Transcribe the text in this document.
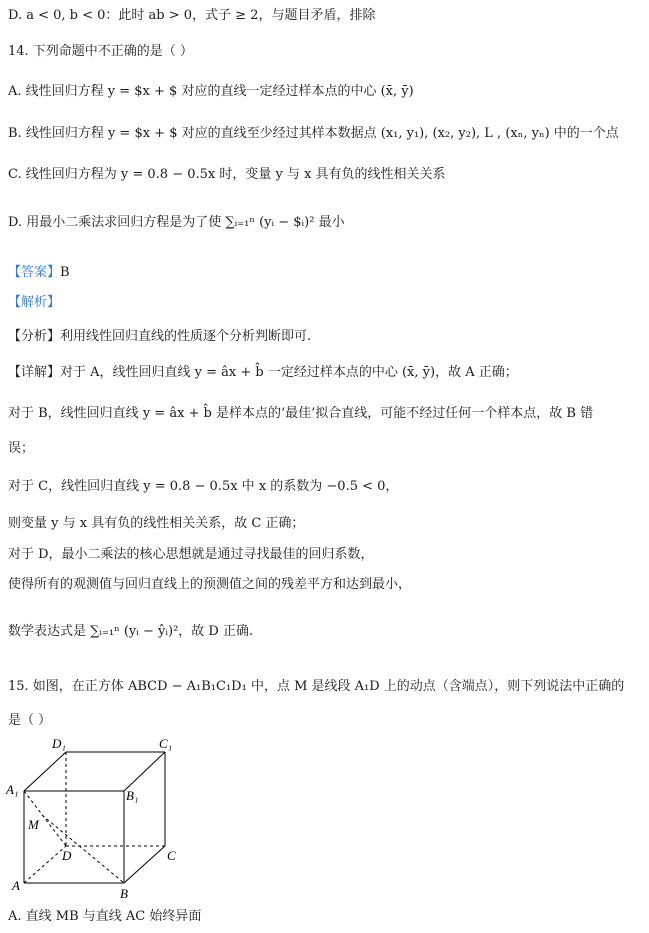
D. a < 0, b < 0：此时 ab > 0，式子 ≥ 2，与题目矛盾，排除
14. 下列命题中不正确的是（ ）
A. 线性回归方程 y = $x + $ 对应的直线一定经过样本点的中心 (x̄, ȳ)
B. 线性回归方程 y = $x + $ 对应的直线至少经过其样本数据点 (x₁, y₁), (x₂, y₂), L , (xₙ, yₙ) 中的一个点
C. 线性回归方程为 y = 0.8 − 0.5x 时，变量 y 与 x 具有负的线性相关关系
D. 用最小二乘法求回归方程是为了使 ∑ᵢ₌₁ⁿ (yᵢ − $ᵢ)² 最小
【答案】B
【解析】
【分析】利用线性回归直线的性质逐个分析判断即可.
【详解】对于 A，线性回归直线 y = âx + b̂ 一定经过样本点的中心 (x̄, ȳ)，故 A 正确；
对于 B，线性回归直线 y = âx + b̂ 是样本点的‘最佳’拟合直线，可能不经过任何一个样本点，故 B 错
误；
对于 C，线性回归直线 y = 0.8 − 0.5x 中 x 的系数为 −0.5 < 0，
则变量 y 与 x 具有负的线性相关关系，故 C 正确；
对于 D，最小二乘法的核心思想就是通过寻找最佳的回归系数，
使得所有的观测值与回归直线上的预测值之间的残差平方和达到最小，
数学表达式是 ∑ᵢ₌₁ⁿ (yᵢ − ŷᵢ)²，故 D 正确.
15. 如图，在正方体 ABCD − A₁B₁C₁D₁ 中，点 M 是线段 A₁D 上的动点（含端点），则下列说法中正确的
是（ ）
D₁	C₁
A₁	B₁
M
D	C
A
B
A. 直线 MB 与直线 AC 始终异面
